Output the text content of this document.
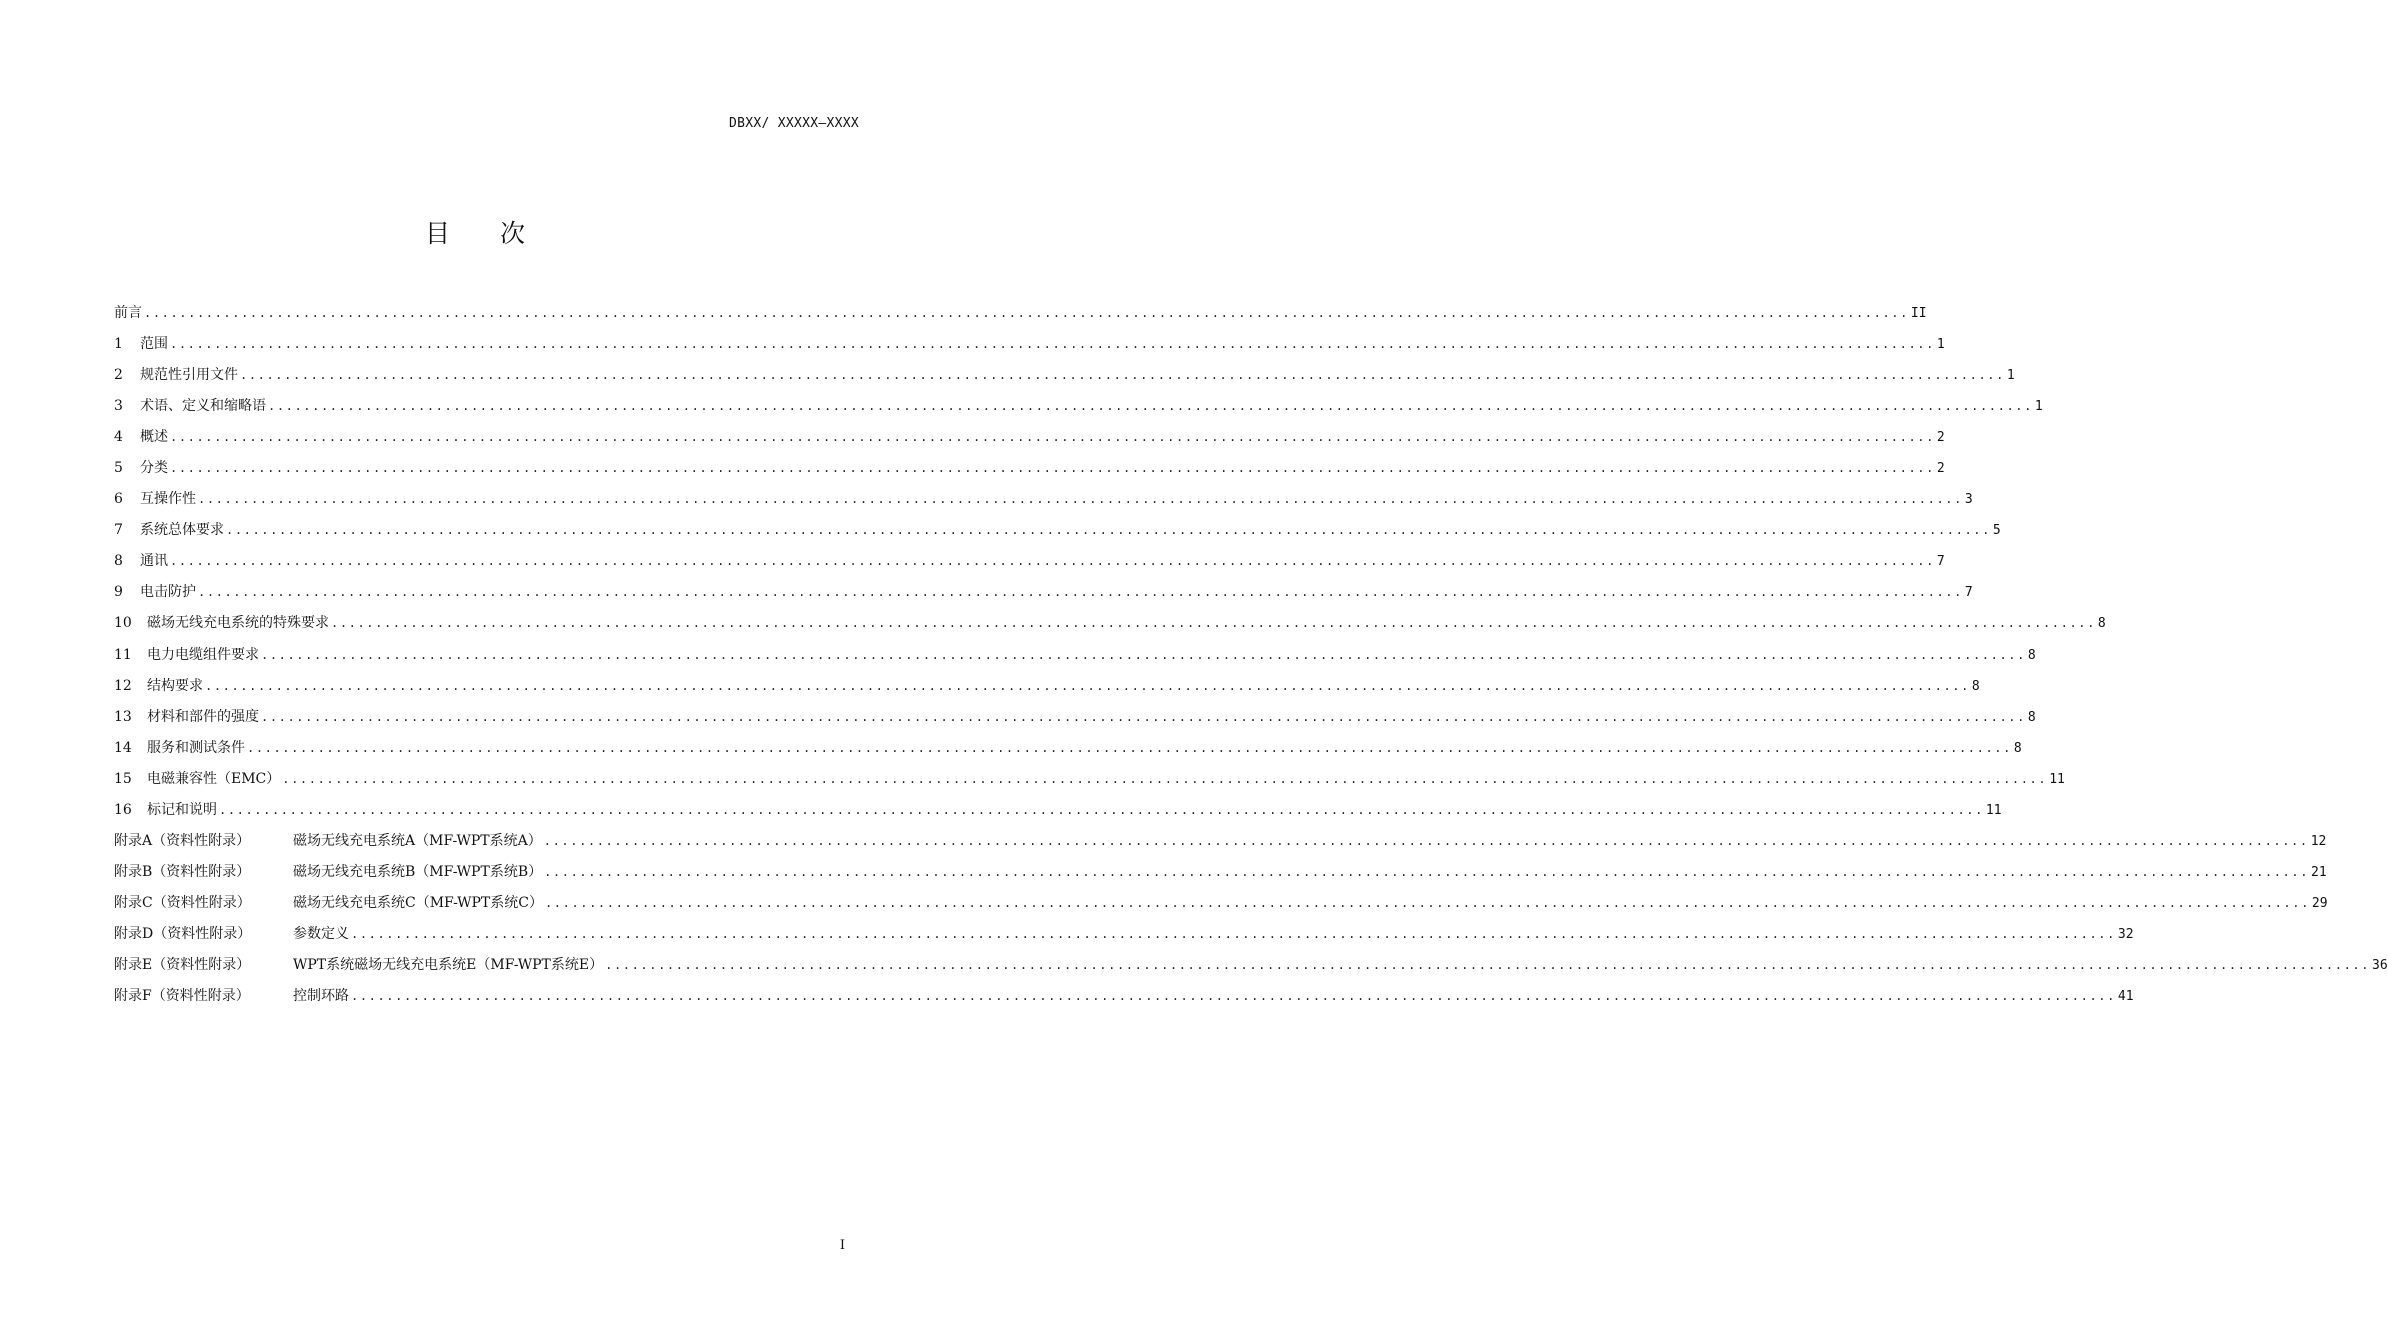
DBXX/ XXXXX—XXXX
目 次
前言 ........................................................................................................................................................................................................ II
1	范围 ........................................................................................................................................................................................................ 1
2	规范性引用文件 ........................................................................................................................................................................................................ 1
3	术语、定义和缩略语 ........................................................................................................................................................................................................ 1
4	概述 ........................................................................................................................................................................................................ 2
5	分类 ........................................................................................................................................................................................................ 2
6	互操作性 ........................................................................................................................................................................................................ 3
7	系统总体要求 ........................................................................................................................................................................................................ 5
8	通讯 ........................................................................................................................................................................................................ 7
9	电击防护 ........................................................................................................................................................................................................ 7
10	磁场无线充电系统的特殊要求 ........................................................................................................................................................................................................ 8
11	电力电缆组件要求 ........................................................................................................................................................................................................ 8
12	结构要求 ........................................................................................................................................................................................................ 8
13	材料和部件的强度 ........................................................................................................................................................................................................ 8
14	服务和测试条件 ........................................................................................................................................................................................................ 8
15	电磁兼容性（EMC） ........................................................................................................................................................................................................ 11
16	标记和说明 ........................................................................................................................................................................................................ 11
附录A（资料性附录）	磁场无线充电系统A（MF-WPT系统A） ........................................................................................................................................................................................................ 12
附录B（资料性附录）	磁场无线充电系统B（MF-WPT系统B） ........................................................................................................................................................................................................ 21
附录C（资料性附录）	磁场无线充电系统C（MF-WPT系统C） ........................................................................................................................................................................................................ 29
附录D（资料性附录）	参数定义 ........................................................................................................................................................................................................ 32
附录E（资料性附录）	WPT系统磁场无线充电系统E（MF-WPT系统E） ........................................................................................................................................................................................................ 36
附录F（资料性附录）	控制环路 ........................................................................................................................................................................................................ 41
I
